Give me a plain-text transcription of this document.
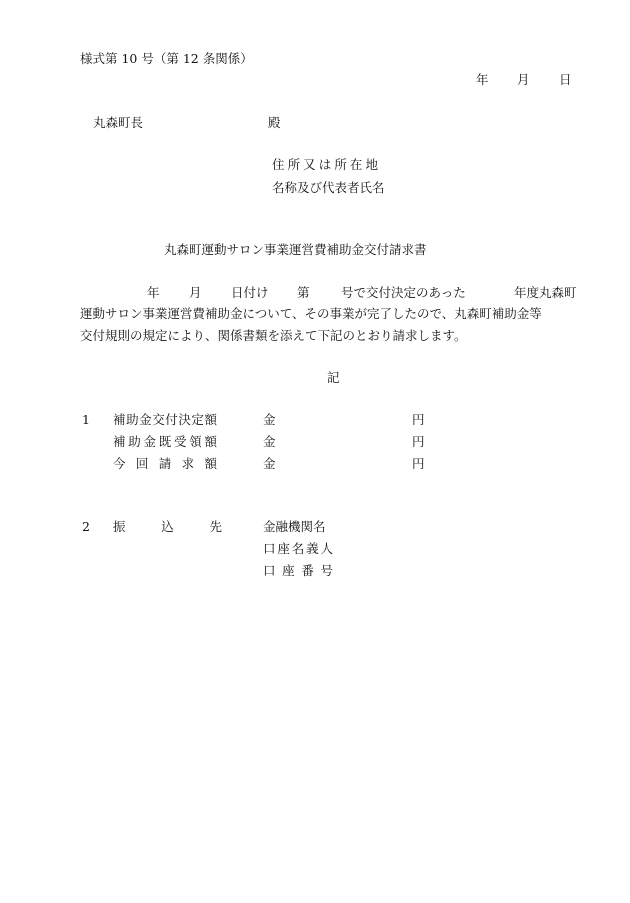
様式第 10 号（第 12 条関係）
年 月 日
丸森町長	殿
住所又は所在地
名称及び代表者氏名
丸森町運動サロン事業運営費補助金交付請求書
年 月 日付け 第	号で交付決定のあった	年度丸森町
運動サロン事業運営費補助金について、その事業が完了したので、丸森町補助金等
交付規則の規定により、関係書類を添えて下記のとおり請求します。
記
1 補助金交付決定額	金	円
補助金既受領額	金	円
今回請求額	金	円
2 振込先	金融機関名
口座名義人
口座番号
